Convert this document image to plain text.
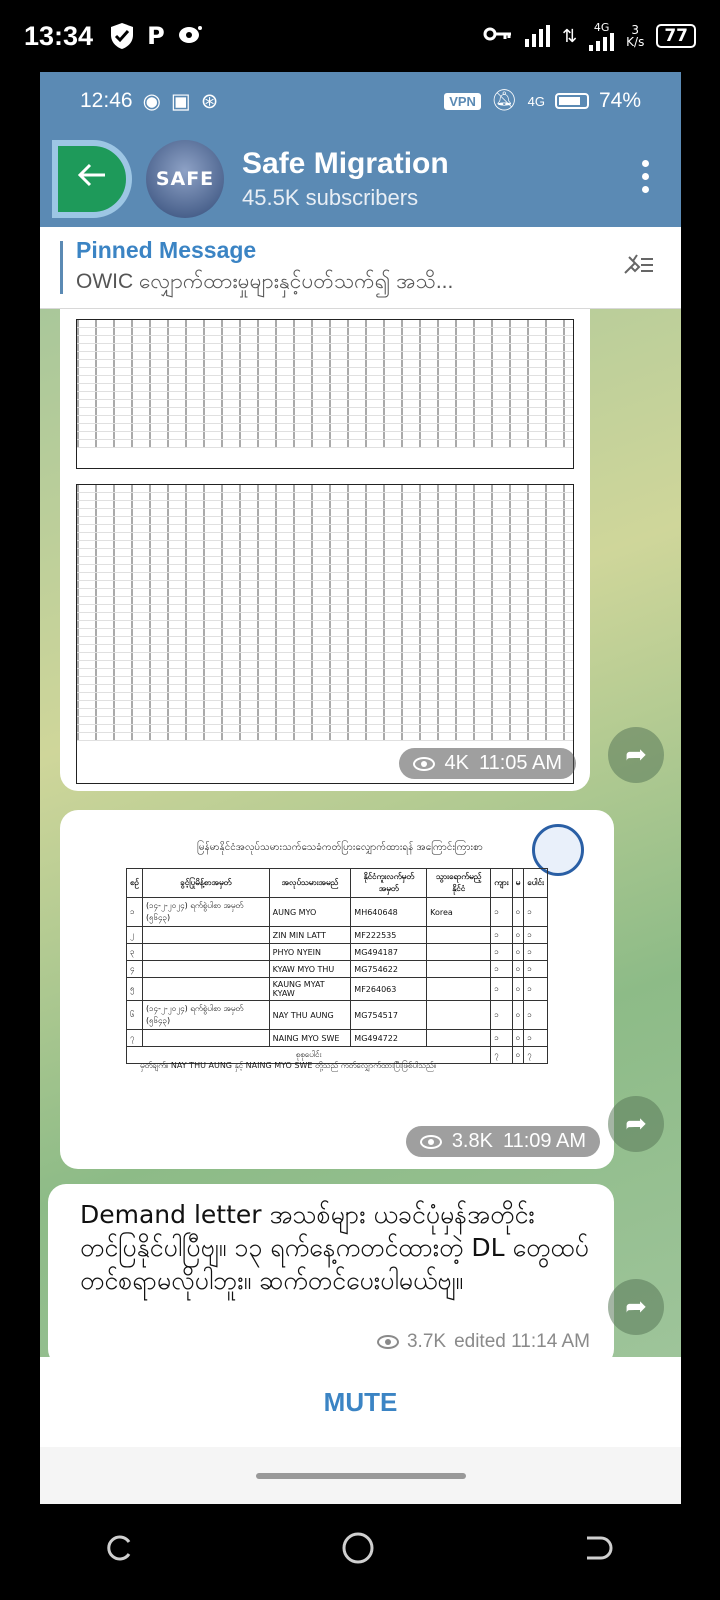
13:34 P	⇅ 4G	3
K/s	77
12:46 ◉ ▣ ⊛	VPN 🔕︎ 4G	74%
SAFE Safe Migration
45.5K subscribers
Pinned Message
OWIC လျှောက်ထားမှုများနှင့်ပတ်သက်၍ အသိ...
4K 11:05 AM ➦
မြန်မာနိုင်ငံအလုပ်သမားသက်သေခံကတ်ပြားလျှောက်ထားရန် အကြောင်းကြားစာ
စဉ်	ခွင့်ပြုမိန့်စာအမှတ်	အလုပ်သမားအမည်	နိုင်ငံကူးလက်မှတ်အမှတ်	သွားရောက်မည့်နိုင်ငံ	ကျား	မ	ပေါင်း
၁	(၁၄-၂-၂၀၂၄) ရက်စွဲပါစာ အမှတ် (၅၆၄၃)	AUNG MYO	MH640648	Korea	၁	၀	၁
၂		ZIN MIN LATT	MF222535		၁	၀	၁
၃		PHYO NYEIN	MG494187		၁	၀	၁
၄		KYAW MYO THU	MG754622		၁	၀	၁
၅		KAUNG MYAT KYAW	MF264063		၁	၀	၁
၆	(၁၄-၂-၂၀၂၄) ရက်စွဲပါစာ အမှတ် (၅၆၄၃)	NAY THU AUNG	MG754517		၁	၀	၁
၇		NAING MYO SWE	MG494722		၁	၀	၁
စုစုပေါင်း					၇	၀	၇
မှတ်ချက်။ NAY THU AUNG နှင့် NAING MYO SWE တို့သည် ကတ်လျှောက်ထားပြီးဖြစ်ပါသည်။
3.8K 11:09 AM
➦
Demand letter အသစ်များ ယခင်ပုံမှန်အတိုင်း တင်ပြနိုင်ပါပြီဗျ။ ၁၃ ရက်နေ့ကတင်ထားတဲ့ DL တွေထပ်တင်စရာမလိုပါဘူး။ ဆက်တင်ပေးပါမယ်ဗျ။
3.7K edited 11:14 AM
➦
MUTE
